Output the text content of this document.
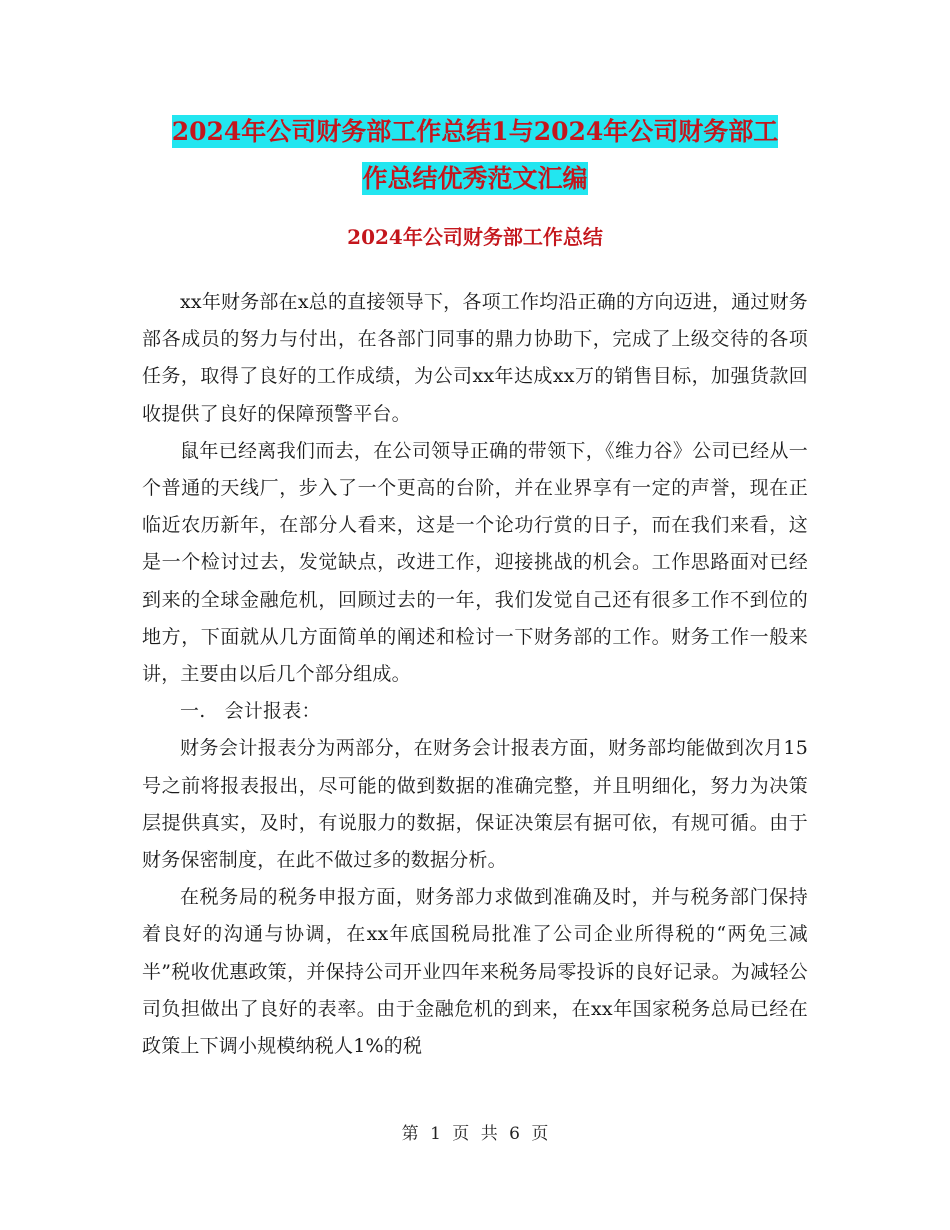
2024年公司财务部工作总结1与2024年公司财务部工
作总结优秀范文汇编
2024年公司财务部工作总结

xx年财务部在x总的直接领导下，各项工作均沿正确的方向迈进，通过财务部各成员的努力与付出，在各部门同事的鼎力协助下，完成了上级交待的各项任务，取得了良好的工作成绩，为公司xx年达成xx万的销售目标，加强货款回收提供了良好的保障预警平台。

鼠年已经离我们而去，在公司领导正确的带领下，《维力谷》公司已经从一个普通的天线厂，步入了一个更高的台阶，并在业界享有一定的声誉，现在正临近农历新年，在部分人看来，这是一个论功行赏的日子，而在我们来看，这是一个检讨过去，发觉缺点，改进工作，迎接挑战的机会。工作思路面对已经到来的全球金融危机，回顾过去的一年，我们发觉自己还有很多工作不到位的地方，下面就从几方面简单的阐述和检讨一下财务部的工作。财务工作一般来讲，主要由以后几个部分组成。

一.　会计报表：

财务会计报表分为两部分，在财务会计报表方面，财务部均能做到次月15号之前将报表报出，尽可能的做到数据的准确完整，并且明细化，努力为决策层提供真实，及时，有说服力的数据，保证决策层有据可依，有规可循。由于财务保密制度，在此不做过多的数据分析。

在税务局的税务申报方面，财务部力求做到准确及时，并与税务部门保持着良好的沟通与协调，在xx年底国税局批准了公司企业所得税的“两免三减半”税收优惠政策，并保持公司开业四年来税务局零投诉的良好记录。为减轻公司负担做出了良好的表率。由于金融危机的到来，在xx年国家税务总局已经在政策上下调小规模纳税人1%的税

第 1 页 共 6 页
